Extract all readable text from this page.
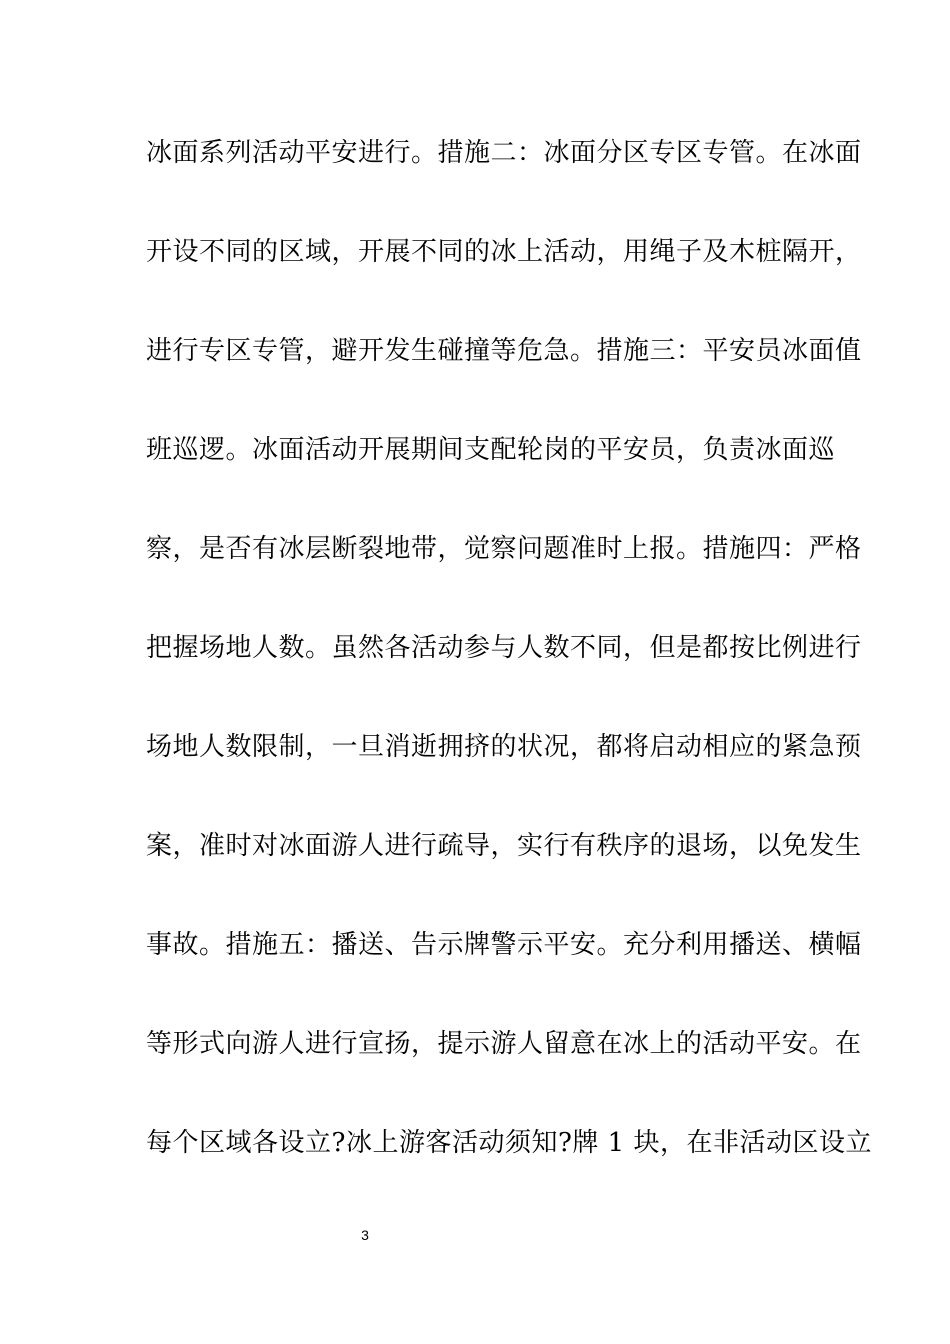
冰面系列活动平安进行。措施二：冰面分区专区专管。在冰面
开设不同的区域，开展不同的冰上活动，用绳子及木桩隔开，
进行专区专管，避开发生碰撞等危急。措施三：平安员冰面值
班巡逻。冰面活动开展期间支配轮岗的平安员，负责冰面巡
察，是否有冰层断裂地带，觉察问题准时上报。措施四：严格
把握场地人数。虽然各活动参与人数不同，但是都按比例进行
场地人数限制，一旦消逝拥挤的状况，都将启动相应的紧急预
案，准时对冰面游人进行疏导，实行有秩序的退场，以免发生
事故。措施五：播送、告示牌警示平安。充分利用播送、横幅
等形式向游人进行宣扬，提示游人留意在冰上的活动平安。在
每个区域各设立?冰上游客活动须知?牌 1 块，在非活动区设立
3
